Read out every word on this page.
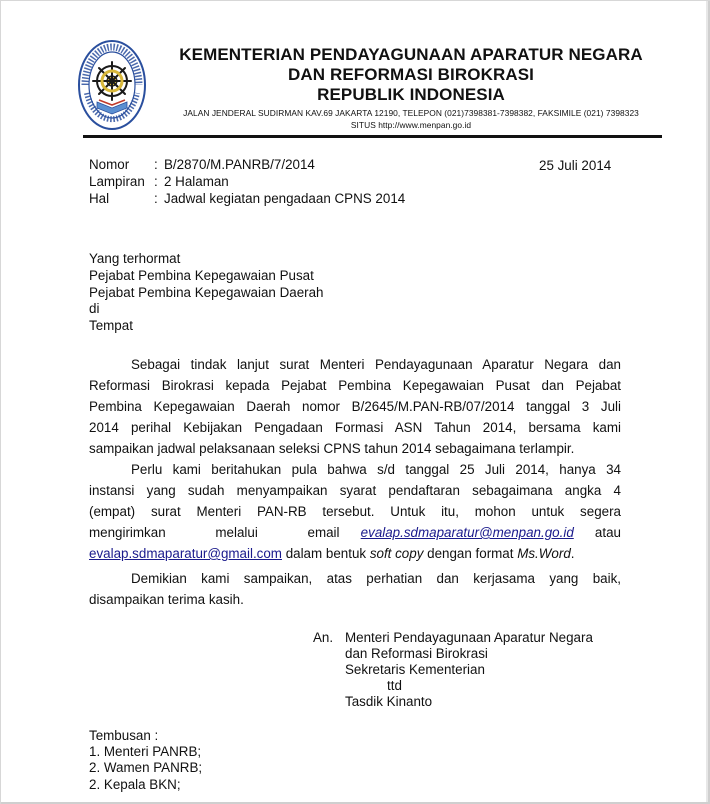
KEMENTERIAN PENDAYAGUNAAN APARATUR NEGARA
DAN REFORMASI BIROKRASI
REPUBLIK INDONESIA
JALAN JENDERAL SUDIRMAN KAV.69 JAKARTA 12190, TELEPON (021)7398381-7398382, FAKSIMILE (021) 7398323
SITUS http://www.menpan.go.id
Nomor : B/2870/M.PANRB/7/2014	25 Juli 2014
Lampiran : 2 Halaman
Hal	: Jadwal kegiatan pengadaan CPNS 2014
Yang terhormat
Pejabat Pembina Kepegawaian Pusat
Pejabat Pembina Kepegawaian Daerah
di
Tempat
Sebagai tindak lanjut surat Menteri Pendayagunaan Aparatur Negara dan
Reformasi Birokrasi kepada Pejabat Pembina Kepegawaian Pusat dan Pejabat
Pembina Kepegawaian Daerah nomor B/2645/M.PAN-RB/07/2014 tanggal 3 Juli
2014 perihal Kebijakan Pengadaan Formasi ASN Tahun 2014, bersama kami
sampaikan jadwal pelaksanaan seleksi CPNS tahun 2014 sebagaimana terlampir.
Perlu kami beritahukan pula bahwa s/d tanggal 25 Juli 2014, hanya 34
instansi yang sudah menyampaikan syarat pendaftaran sebagaimana angka 4
(empat) surat Menteri PAN-RB tersebut. Untuk itu, mohon untuk segera
mengirimkan melalui email evalap.sdmaparatur@menpan.go.id atau
evalap.sdmaparatur@gmail.com dalam bentuk soft copy dengan format Ms.Word.
Demikian kami sampaikan, atas perhatian dan kerjasama yang baik,
disampaikan terima kasih.
An. Menteri Pendayagunaan Aparatur Negara
dan Reformasi Birokrasi
Sekretaris Kementerian
ttd
Tasdik Kinanto
Tembusan :
1. Menteri PANRB;
2. Wamen PANRB;
2. Kepala BKN;
